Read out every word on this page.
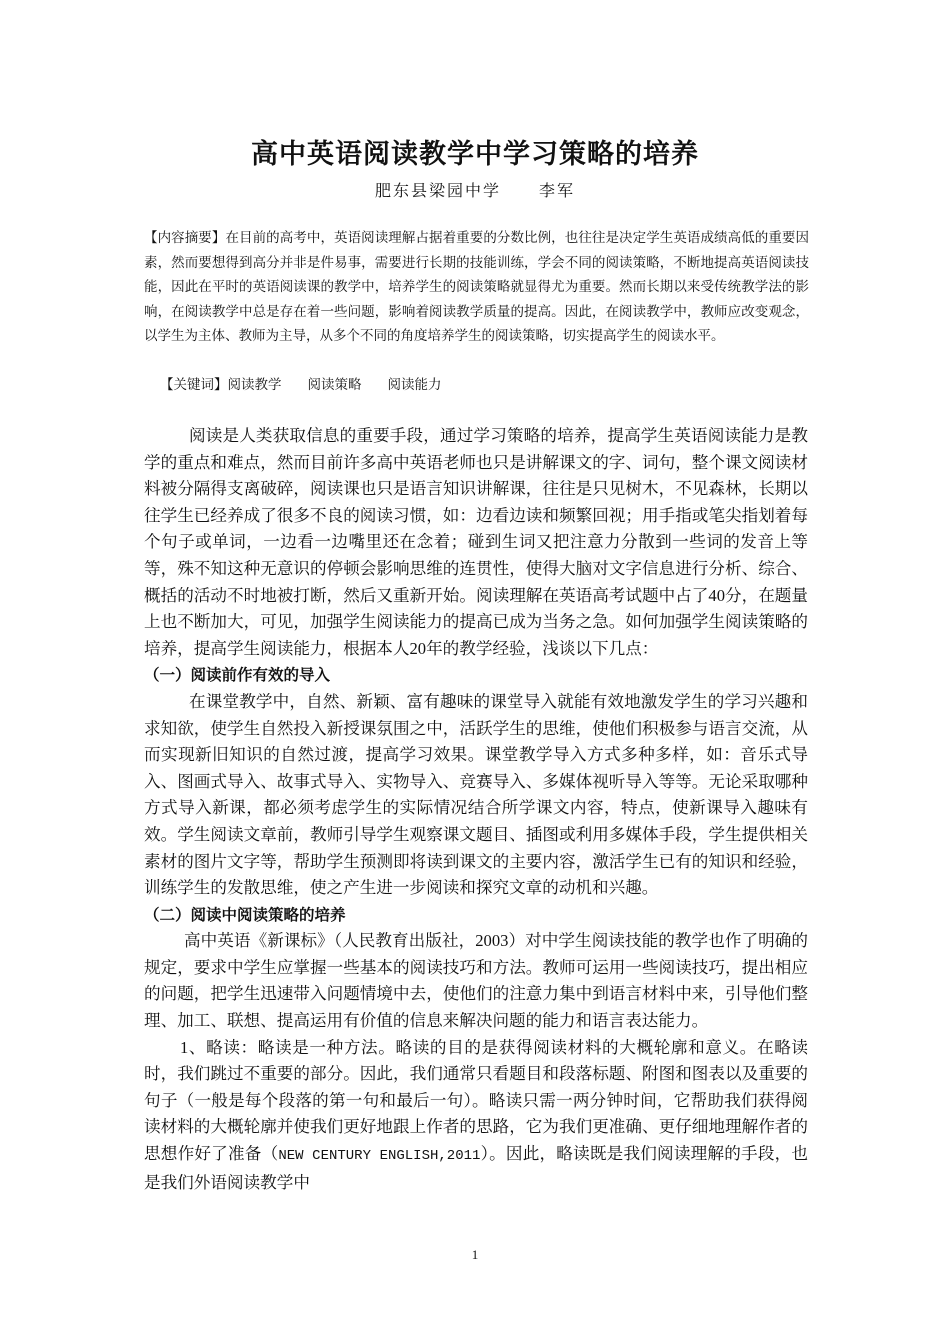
高中英语阅读教学中学习策略的培养
肥东县梁园中学 李军
【内容摘要】在目前的高考中，英语阅读理解占据着重要的分数比例，也往往是决定学生英语成绩高低的重要因素，然而要想得到高分并非是件易事，需要进行长期的技能训练，学会不同的阅读策略，不断地提高英语阅读技能，因此在平时的英语阅读课的教学中，培养学生的阅读策略就显得尤为重要。然而长期以来受传统教学法的影响，在阅读教学中总是存在着一些问题，影响着阅读教学质量的提高。因此，在阅读教学中，教师应改变观念，以学生为主体、教师为主导，从多个不同的角度培养学生的阅读策略，切实提高学生的阅读水平。
【关键词】阅读教学 阅读策略 阅读能力

阅读是人类获取信息的重要手段，通过学习策略的培养，提高学生英语阅读能力是教学的重点和难点，然而目前许多高中英语老师也只是讲解课文的字、词句，整个课文阅读材料被分隔得支离破碎，阅读课也只是语言知识讲解课，往往是只见树木，不见森林，长期以往学生已经养成了很多不良的阅读习惯，如：边看边读和频繁回视；用手指或笔尖指划着每个句子或单词，一边看一边嘴里还在念着；碰到生词又把注意力分散到一些词的发音上等等，殊不知这种无意识的停顿会影响思维的连贯性，使得大脑对文字信息进行分析、综合、概括的活动不时地被打断，然后又重新开始。阅读理解在英语高考试题中占了40分，在题量上也不断加大，可见，加强学生阅读能力的提高已成为当务之急。如何加强学生阅读策略的培养，提高学生阅读能力，根据本人20年的教学经验，浅谈以下几点：

（一）阅读前作有效的导入

在课堂教学中，自然、新颖、富有趣味的课堂导入就能有效地激发学生的学习兴趣和求知欲，使学生自然投入新授课氛围之中，活跃学生的思维，使他们积极参与语言交流，从而实现新旧知识的自然过渡，提高学习效果。课堂教学导入方式多种多样，如：音乐式导入、图画式导入、故事式导入、实物导入、竞赛导入、多媒体视听导入等等。无论采取哪种方式导入新课，都必须考虑学生的实际情况结合所学课文内容，特点，使新课导入趣味有效。学生阅读文章前，教师引导学生观察课文题目、插图或利用多媒体手段，学生提供相关素材的图片文字等，帮助学生预测即将读到课文的主要内容，激活学生已有的知识和经验，训练学生的发散思维，使之产生进一步阅读和探究文章的动机和兴趣。

（二）阅读中阅读策略的培养

高中英语《新课标》（人民教育出版社，2003）对中学生阅读技能的教学也作了明确的规定，要求中学生应掌握一些基本的阅读技巧和方法。教师可运用一些阅读技巧，提出相应的问题，把学生迅速带入问题情境中去，使他们的注意力集中到语言材料中来，引导他们整理、加工、联想、提高运用有价值的信息来解决问题的能力和语言表达能力。

1、略读：略读是一种方法。略读的目的是获得阅读材料的大概轮廓和意义。在略读时，我们跳过不重要的部分。因此，我们通常只看题目和段落标题、附图和图表以及重要的句子（一般是每个段落的第一句和最后一句）。略读只需一两分钟时间，它帮助我们获得阅读材料的大概轮廓并使我们更好地跟上作者的思路，它为我们更准确、更仔细地理解作者的思想作好了准备（NEW CENTURY ENGLISH,2011）。因此，略读既是我们阅读理解的手段，也是我们外语阅读教学中

1
